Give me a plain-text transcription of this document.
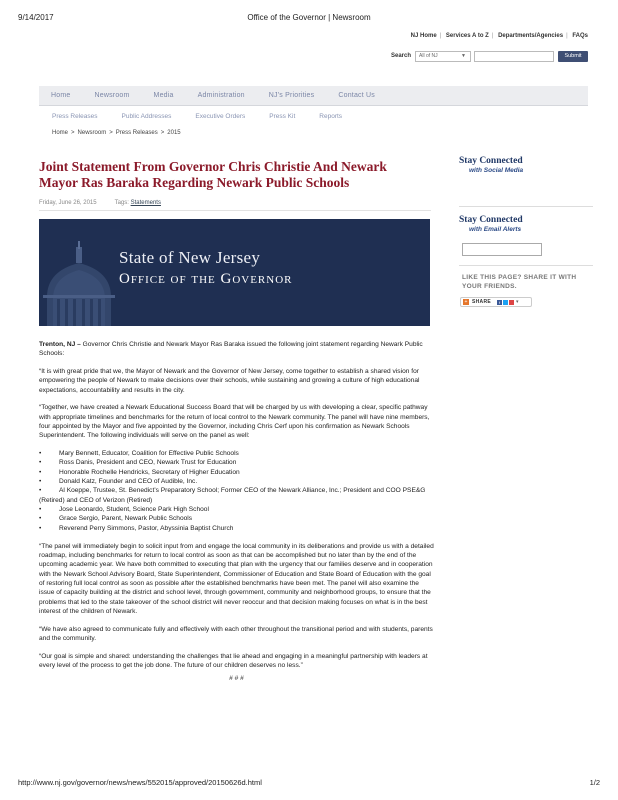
9/14/2017	Office of the Governor | Newsroom
NJ Home | Services A to Z | Departments/Agencies | FAQs
Search	All of NJ	▼	Submit
Home	Newsroom	Media	Administration	NJ's Priorities	Contact Us
Press Releases	Public Addresses	Executive Orders	Press Kit	Reports
Home > Newsroom > Press Releases > 2015
Joint Statement From Governor Chris Christie And Newark Mayor Ras Baraka Regarding Newark Public Schools
Friday, June 26, 2015	Tags: Statements
State of New Jersey
Office of the Governor

Trenton, NJ – Governor Chris Christie and Newark Mayor Ras Baraka issued the following joint statement regarding Newark Public Schools:

“It is with great pride that we, the Mayor of Newark and the Governor of New Jersey, come together to establish a shared vision for empowering the people of Newark to make decisions over their schools, while sustaining and growing a culture of high educational expectations, accountability and results in the city.

“Together, we have created a Newark Educational Success Board that will be charged by us with developing a clear, specific pathway with appropriate timelines and benchmarks for the return of local control to the Newark community. The panel will have nine members, four appointed by the Mayor and five appointed by the Governor, including Chris Cerf upon his confirmation as Newark Schools Superintendent. The following individuals will serve on the panel as well:

•	Mary Bennett, Educator, Coalition for Effective Public Schools
•	Ross Danis, President and CEO, Newark Trust for Education
•	Honorable Rochelle Hendricks, Secretary of Higher Education
•	Donald Katz, Founder and CEO of Audible, Inc.
•	Al Koeppe, Trustee, St. Benedict’s Preparatory School; Former CEO of the Newark Alliance, Inc.; President and COO PSE&G (Retired) and CEO of Verizon (Retired)
•	Jose Leonardo, Student, Science Park High School
•	Grace Sergio, Parent, Newark Public Schools
•	Reverend Perry Simmons, Pastor, Abyssinia Baptist Church

“The panel will immediately begin to solicit input from and engage the local community in its deliberations and provide us with a detailed roadmap, including benchmarks for return to local control as soon as that can be accomplished but no later than by the end of the upcoming academic year. We have both committed to executing that plan with the urgency that our families deserve and in cooperation with the Newark School Advisory Board, State Superintendent, Commissioner of Education and State Board of Education with the goal of restoring full local control as soon as possible after the established benchmarks have been met. The panel will also examine the issue of capacity building at the district and school level, through government, community and neighborhood groups, to ensure that the problems that led to the state takeover of the school district will never reoccur and that decision making focuses on what is in the best interest of the children of Newark.

“We have also agreed to communicate fully and effectively with each other throughout the transitional period and with students, parents and the community.

“Our goal is simple and shared: understanding the challenges that lie ahead and engaging in a meaningful partnership with leaders at every level of the process to get the job done. The future of our children deserves no less.”

# # #
Stay Connected
with Social Media
Stay Connected
with Email Alerts
LIKE THIS PAGE? SHARE IT WITH YOUR FRIENDS.
+ SHARE	f	▾
http://www.nj.gov/governor/news/news/552015/approved/20150626d.html	1/2
